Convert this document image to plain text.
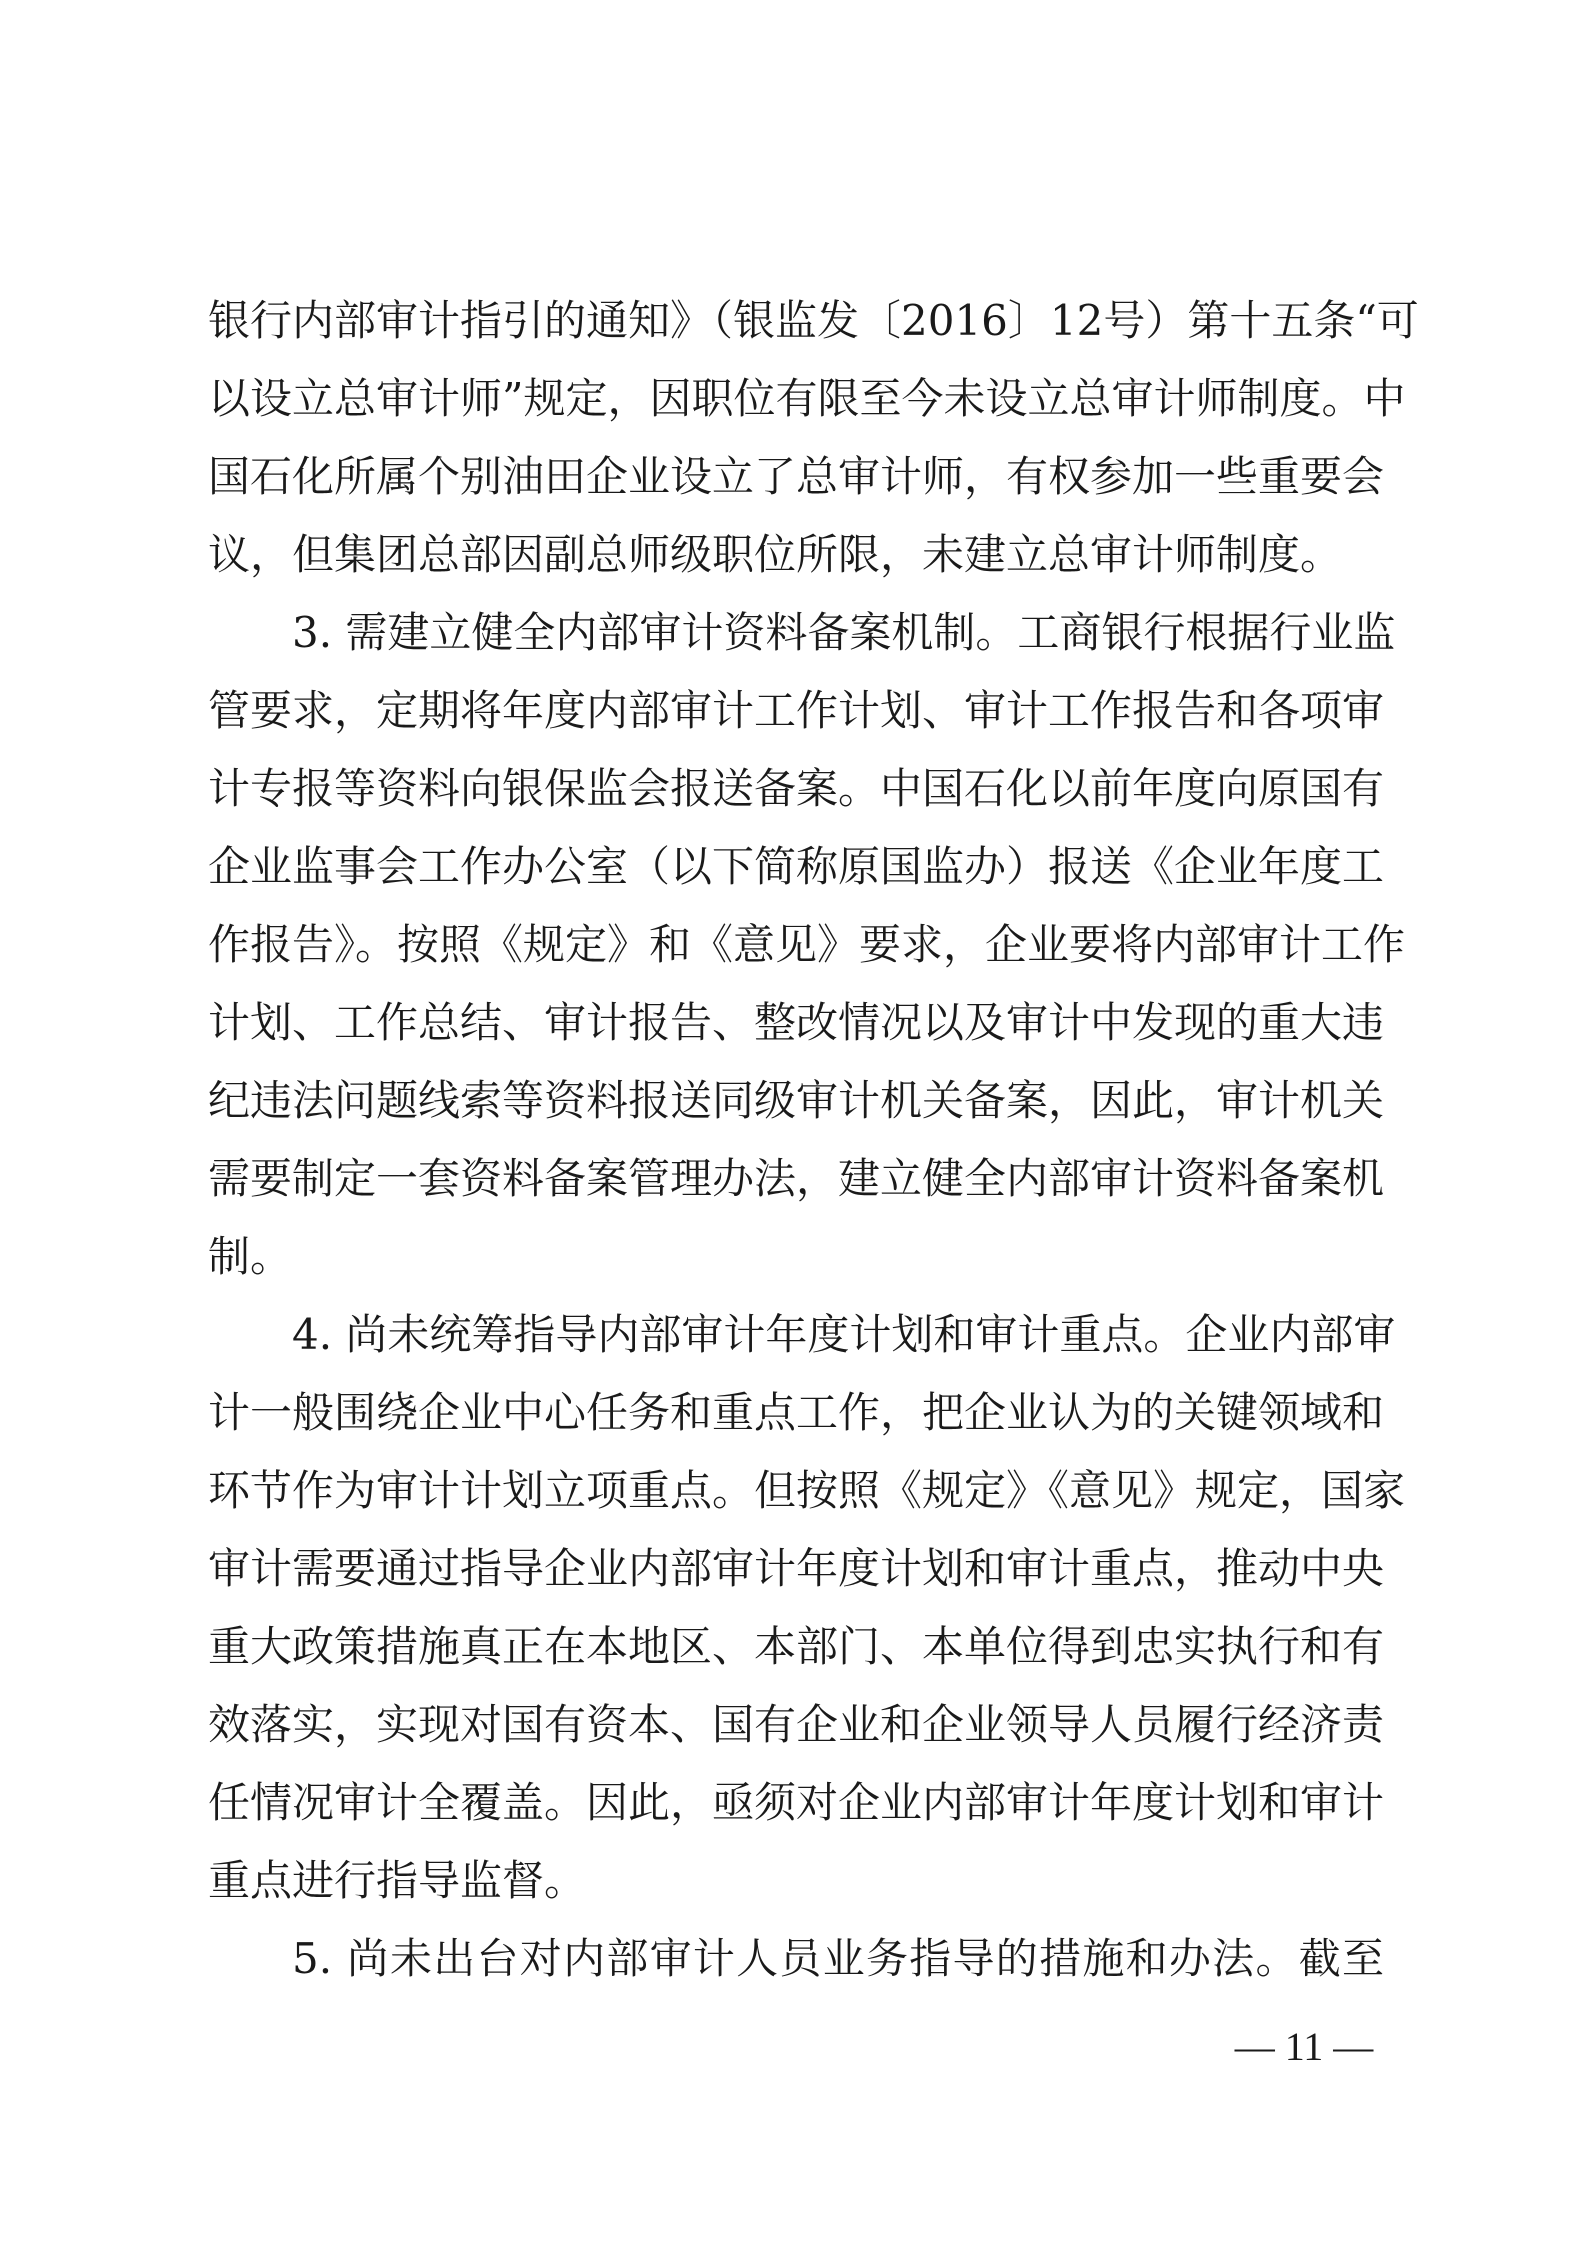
银行内部审计指引的通知》（银监发〔2016〕12号）第十五条“可
以设立总审计师”规定，因职位有限至今未设立总审计师制度。中
国石化所属个别油田企业设立了总审计师，有权参加一些重要会
议，但集团总部因副总师级职位所限，未建立总审计师制度。
3. 需建立健全内部审计资料备案机制。工商银行根据行业监
管要求，定期将年度内部审计工作计划、审计工作报告和各项审
计专报等资料向银保监会报送备案。中国石化以前年度向原国有
企业监事会工作办公室（以下简称原国监办）报送《企业年度工
作报告》。按照《规定》和《意见》要求，企业要将内部审计工作
计划、工作总结、审计报告、整改情况以及审计中发现的重大违
纪违法问题线索等资料报送同级审计机关备案，因此，审计机关
需要制定一套资料备案管理办法，建立健全内部审计资料备案机
制。
4. 尚未统筹指导内部审计年度计划和审计重点。企业内部审
计一般围绕企业中心任务和重点工作，把企业认为的关键领域和
环节作为审计计划立项重点。但按照《规定》《意见》规定，国家
审计需要通过指导企业内部审计年度计划和审计重点，推动中央
重大政策措施真正在本地区、本部门、本单位得到忠实执行和有
效落实，实现对国有资本、国有企业和企业领导人员履行经济责
任情况审计全覆盖。因此，亟须对企业内部审计年度计划和审计
重点进行指导监督。
5. 尚未出台对内部审计人员业务指导的措施和办法。截至
— 11 —
